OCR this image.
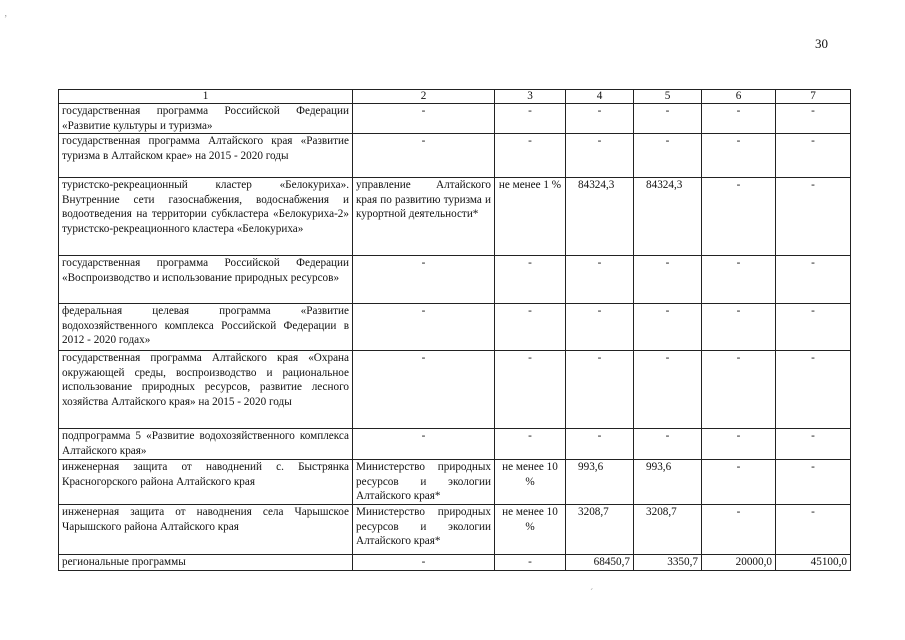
30
1	2	3	4	5	6	7
государственная программа Российской Федерации «Развитие культуры и туризма»	-	-	-	-	-	-
государственная программа Алтайского края «Развитие туризма в Алтайском крае» на 2015 - 2020 годы	-	-	-	-	-	-
туристско-рекреационный кластер «Белокуриха». Внутренние сети газоснабжения, водоснабжения и водоотведения на территории субкластера «Белокуриха-2» туристско-рекреационного кластера «Белокуриха»	управление Алтайского края по развитию туризма и курортной деятельности*	не менее 1 %	84324,3	84324,3	-	-
государственная программа Российской Федерации «Воспроизводство и использование природных ресурсов»	-	-	-	-	-	-
федеральная целевая программа «Развитие водохозяйственного комплекса Российской Федерации в 2012 - 2020 годах»	-	-	-	-	-	-
государственная программа Алтайского края «Охрана окружающей среды, воспроизводство и рациональное использование природных ресурсов, развитие лесного хозяйства Алтайского края» на 2015 - 2020 годы	-	-	-	-	-	-
подпрограмма 5 «Развитие водохозяйственного комплекса Алтайского края»	-	-	-	-	-	-
инженерная защита от наводнений с. Быстрянка Красногорского района Алтайского края	Министерство природных ресурсов и экологии Алтайского края*	не менее 10 %	993,6	993,6	-	-
инженерная защита от наводнения села Чарышское Чарышского района Алтайского края	Министерство природных ресурсов и экологии Алтайского края*	не менее 10 %	3208,7	3208,7	-	-
региональные программы	-	-	68450,7	3350,7	20000,0	45100,0
ʼ
ˊ
